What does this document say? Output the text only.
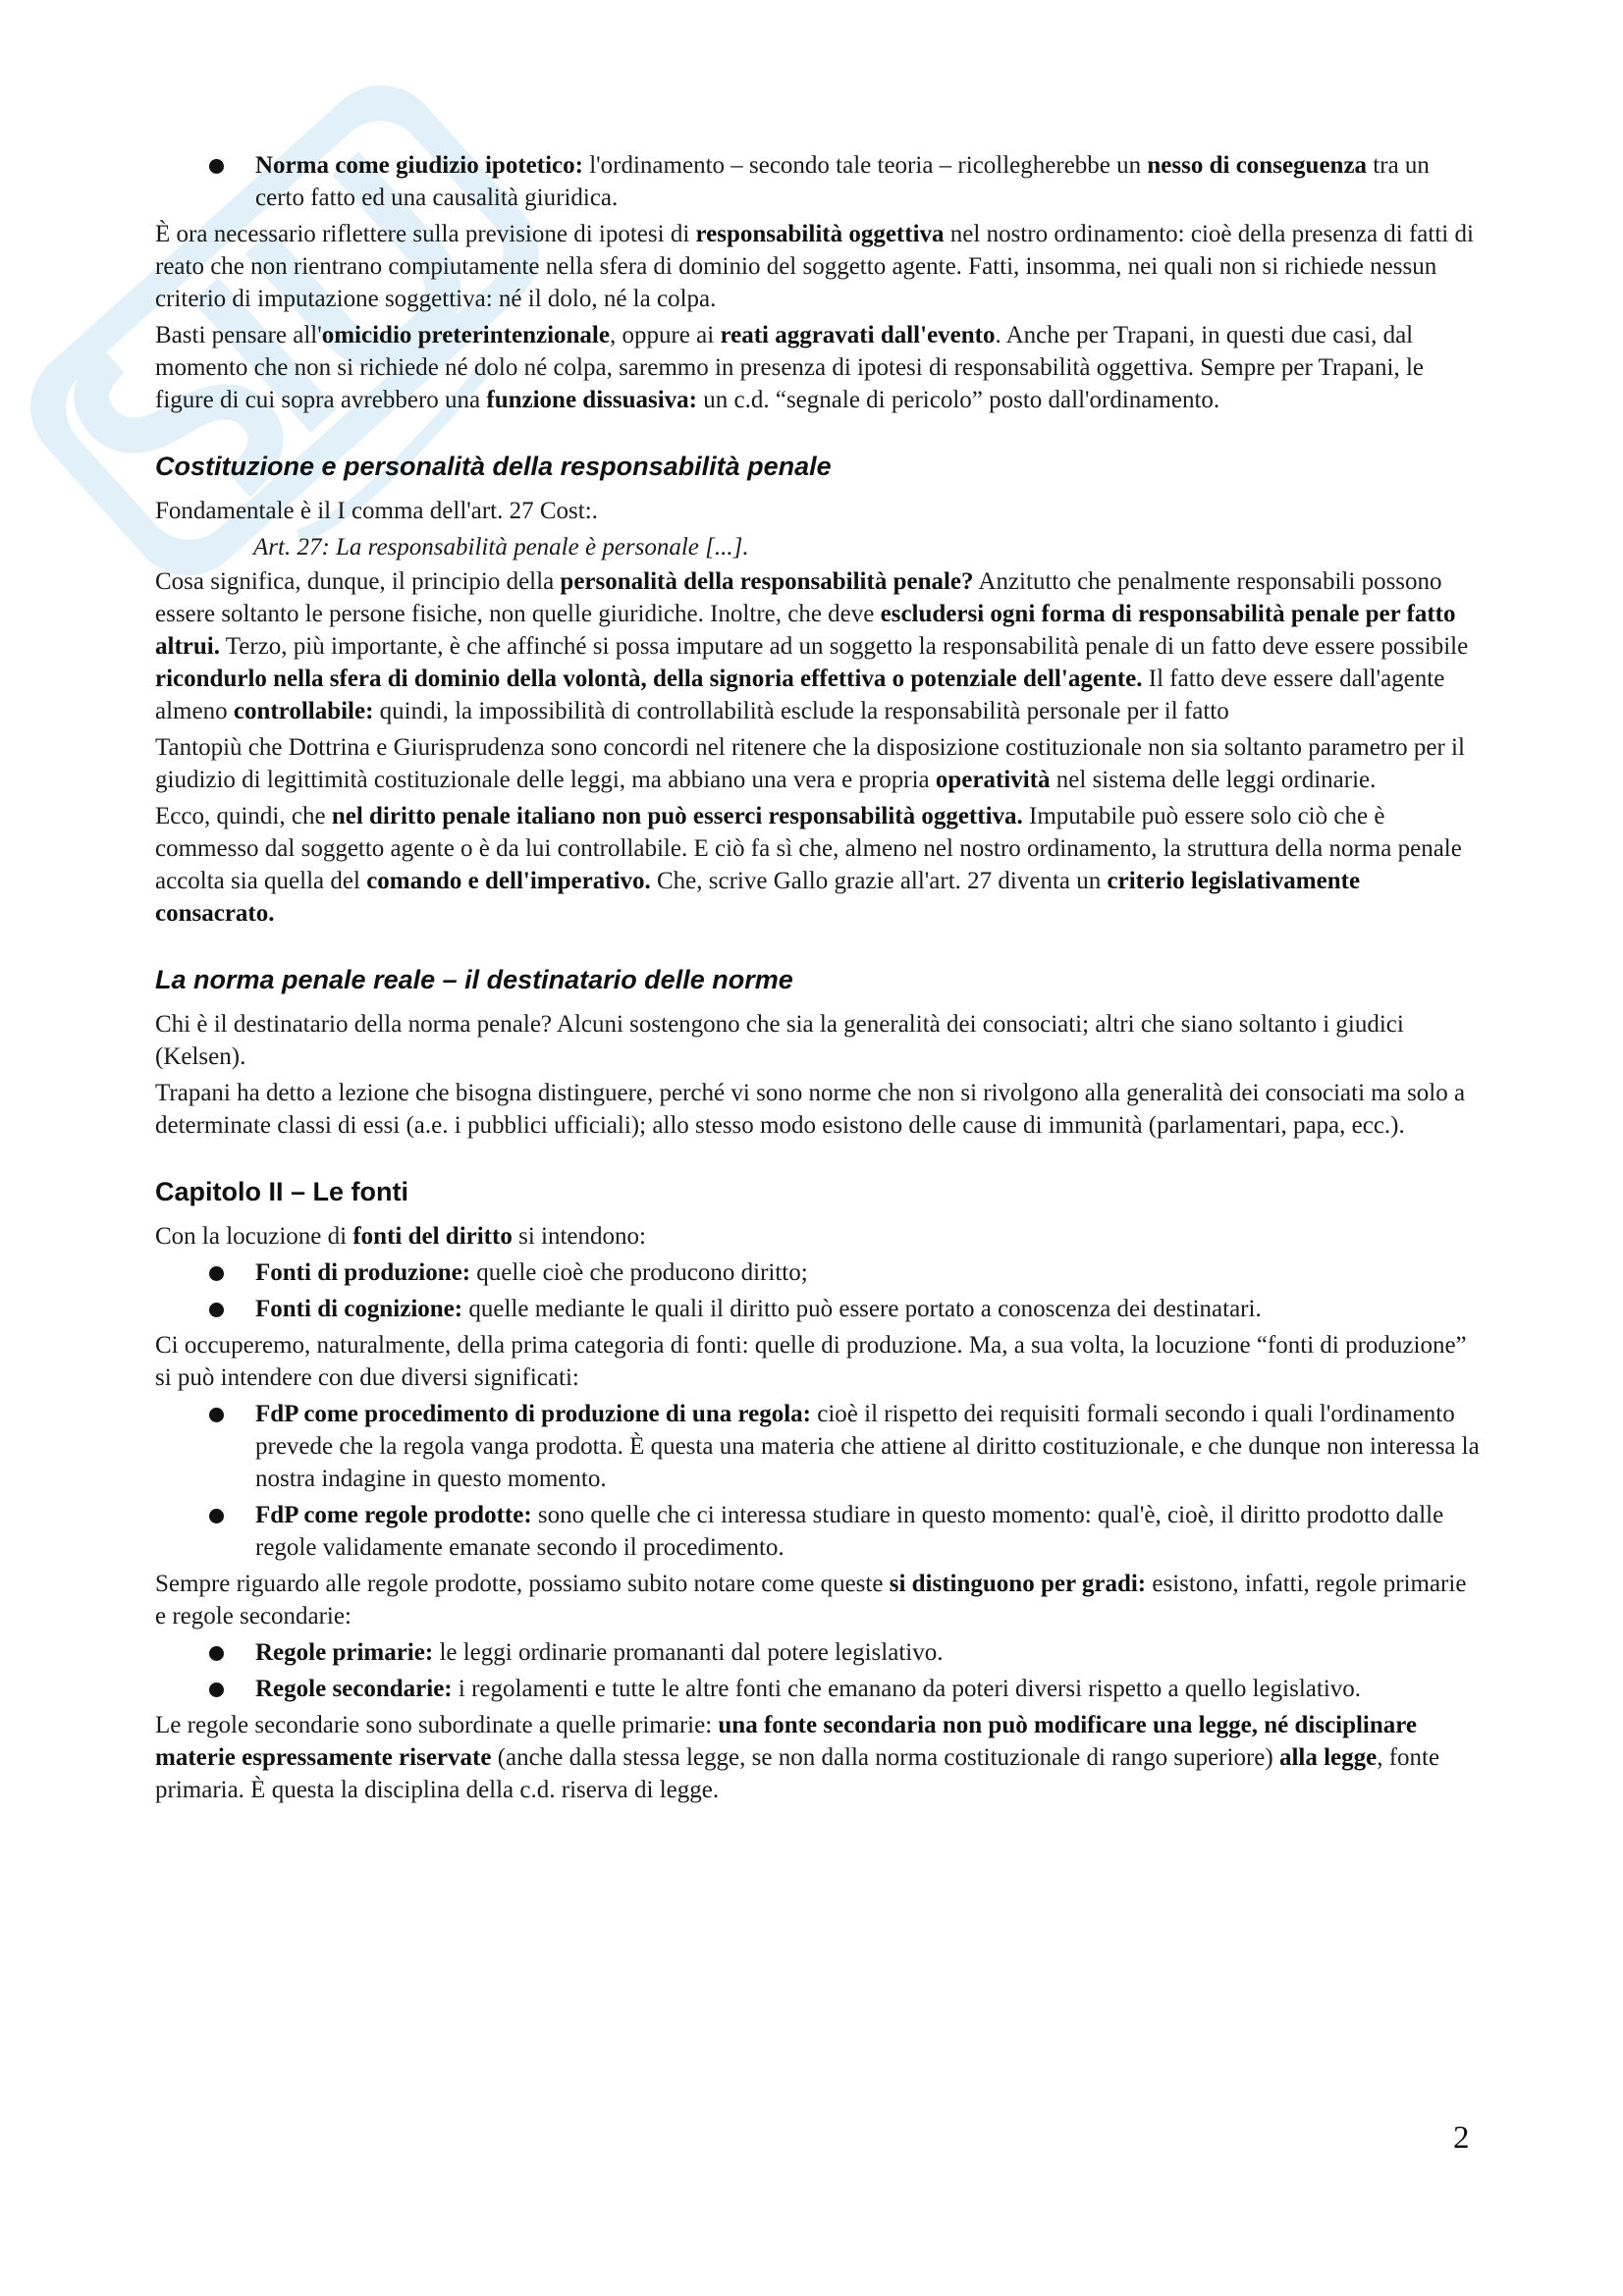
Norma come giudizio ipotetico: l'ordinamento – secondo tale teoria – ricollegherebbe un nesso di conseguenza tra un certo fatto ed una causalità giuridica.
È ora necessario riflettere sulla previsione di ipotesi di responsabilità oggettiva nel nostro ordinamento: cioè della presenza di fatti di reato che non rientrano compiutamente nella sfera di dominio del soggetto agente. Fatti, insomma, nei quali non si richiede nessun criterio di imputazione soggettiva: né il dolo, né la colpa.
Basti pensare all'omicidio preterintenzionale, oppure ai reati aggravati dall'evento. Anche per Trapani, in questi due casi, dal momento che non si richiede né dolo né colpa, saremmo in presenza di ipotesi di responsabilità oggettiva. Sempre per Trapani, le figure di cui sopra avrebbero una funzione dissuasiva: un c.d. “segnale di pericolo” posto dall'ordinamento.
Costituzione e personalità della responsabilità penale
Fondamentale è il I comma dell'art. 27 Cost:.
Art. 27: La responsabilità penale è personale [...].
Cosa significa, dunque, il principio della personalità della responsabilità penale? Anzitutto che penalmente responsabili possono essere soltanto le persone fisiche, non quelle giuridiche. Inoltre, che deve escludersi ogni forma di responsabilità penale per fatto altrui. Terzo, più importante, è che affinché si possa imputare ad un soggetto la responsabilità penale di un fatto deve essere possibile ricondurlo nella sfera di dominio della volontà, della signoria effettiva o potenziale dell'agente. Il fatto deve essere dall'agente almeno controllabile: quindi, la impossibilità di controllabilità esclude la responsabilità personale per il fatto
Tantopiù che Dottrina e Giurisprudenza sono concordi nel ritenere che la disposizione costituzionale non sia soltanto parametro per il giudizio di legittimità costituzionale delle leggi, ma abbiano una vera e propria operatività nel sistema delle leggi ordinarie.
Ecco, quindi, che nel diritto penale italiano non può esserci responsabilità oggettiva. Imputabile può essere solo ciò che è commesso dal soggetto agente o è da lui controllabile. E ciò fa sì che, almeno nel nostro ordinamento, la struttura della norma penale accolta sia quella del comando e dell'imperativo. Che, scrive Gallo grazie all'art. 27 diventa un criterio legislativamente consacrato.
La norma penale reale – il destinatario delle norme
Chi è il destinatario della norma penale? Alcuni sostengono che sia la generalità dei consociati; altri che siano soltanto i giudici (Kelsen).
Trapani ha detto a lezione che bisogna distinguere, perché vi sono norme che non si rivolgono alla generalità dei consociati ma solo a determinate classi di essi (a.e. i pubblici ufficiali); allo stesso modo esistono delle cause di immunità (parlamentari, papa, ecc.).
Capitolo II – Le fonti
Con la locuzione di fonti del diritto si intendono:
Fonti di produzione: quelle cioè che producono diritto;
Fonti di cognizione: quelle mediante le quali il diritto può essere portato a conoscenza dei destinatari.
Ci occuperemo, naturalmente, della prima categoria di fonti: quelle di produzione. Ma, a sua volta, la locuzione “fonti di produzione” si può intendere con due diversi significati:
FdP come procedimento di produzione di una regola: cioè il rispetto dei requisiti formali secondo i quali l'ordinamento prevede che la regola vanga prodotta. È questa una materia che attiene al diritto costituzionale, e che dunque non interessa la nostra indagine in questo momento.
FdP come regole prodotte: sono quelle che ci interessa studiare in questo momento: qual'è, cioè, il diritto prodotto dalle regole validamente emanate secondo il procedimento.
Sempre riguardo alle regole prodotte, possiamo subito notare come queste si distinguono per gradi: esistono, infatti, regole primarie e regole secondarie:
Regole primarie: le leggi ordinarie promananti dal potere legislativo.
Regole secondarie: i regolamenti e tutte le altre fonti che emanano da poteri diversi rispetto a quello legislativo.
Le regole secondarie sono subordinate a quelle primarie: una fonte secondaria non può modificare una legge, né disciplinare materie espressamente riservate (anche dalla stessa legge, se non dalla norma costituzionale di rango superiore) alla legge, fonte primaria. È questa la disciplina della c.d. riserva di legge.
2
